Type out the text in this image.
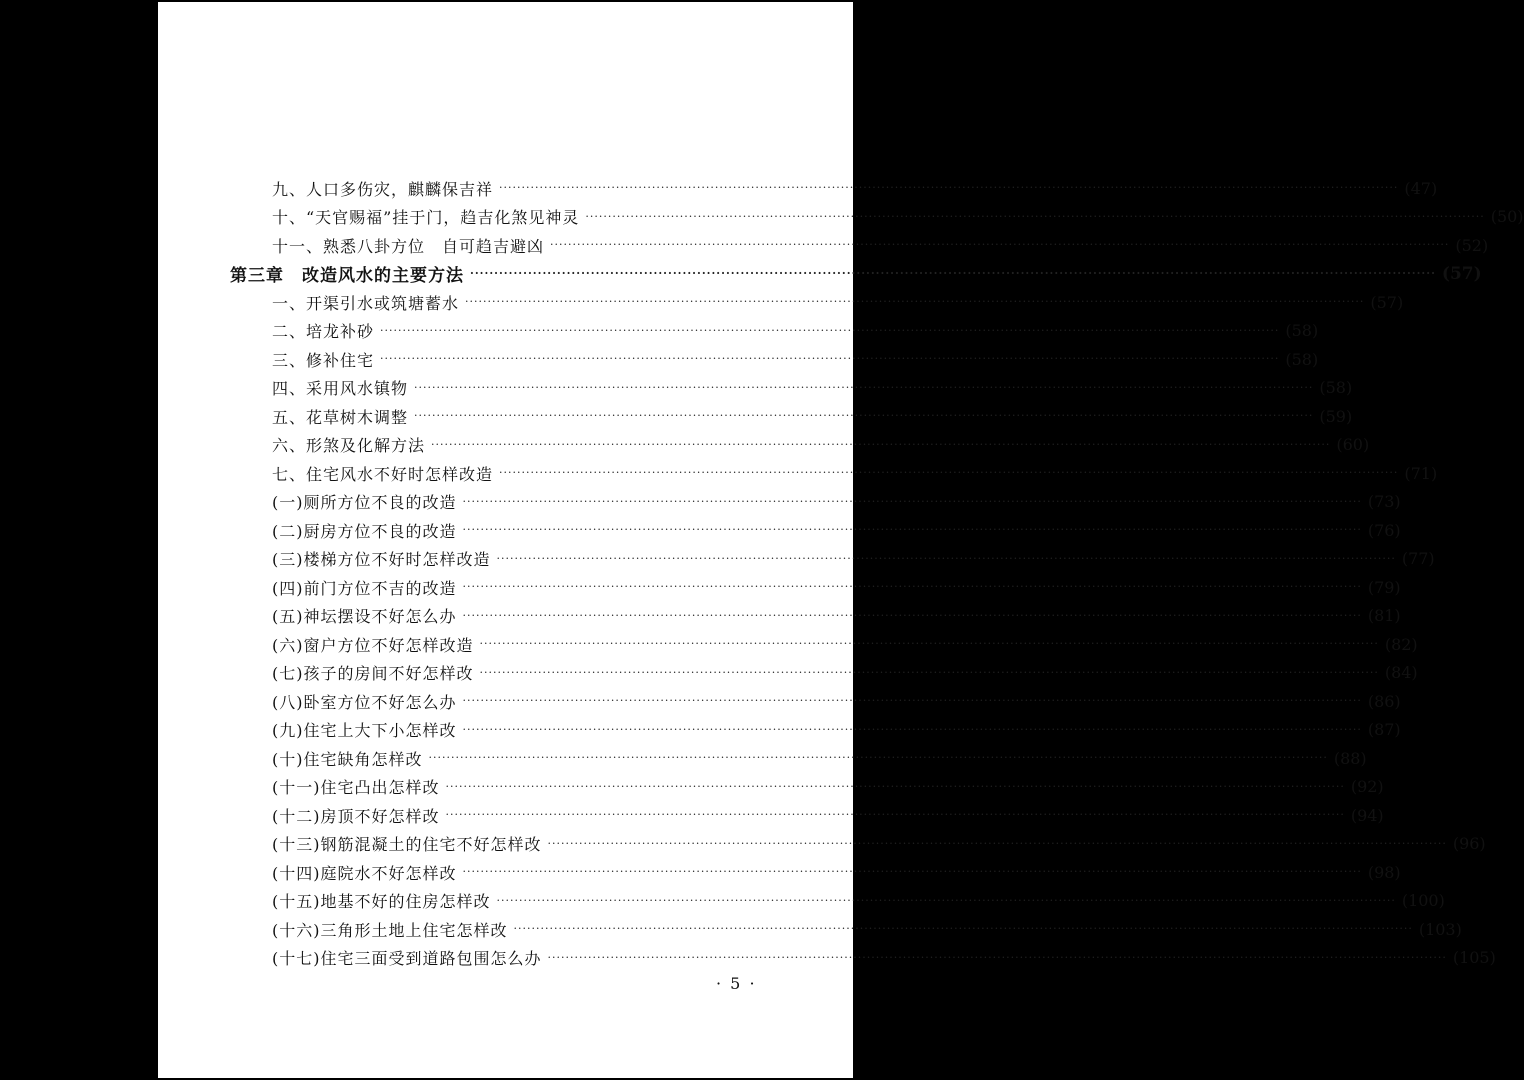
九、人口多伤灾，麒麟保吉祥 ········································································································································································································ (47)
十、“天官赐福”挂于门，趋吉化煞见神灵 ········································································································································································································ (50)
十一、熟悉八卦方位　自可趋吉避凶 ········································································································································································································ (52)
第三章　改造风水的主要方法 ········································································································································································································ (57)
一、开渠引水或筑塘蓄水 ········································································································································································································ (57)
二、培龙补砂 ········································································································································································································ (58)
三、修补住宅 ········································································································································································································ (58)
四、采用风水镇物 ········································································································································································································ (58)
五、花草树木调整 ········································································································································································································ (59)
六、形煞及化解方法 ········································································································································································································ (60)
七、住宅风水不好时怎样改造 ········································································································································································································ (71)
(一)厕所方位不良的改造 ········································································································································································································ (73)
(二)厨房方位不良的改造 ········································································································································································································ (76)
(三)楼梯方位不好时怎样改造 ········································································································································································································ (77)
(四)前门方位不吉的改造 ········································································································································································································ (79)
(五)神坛摆设不好怎么办 ········································································································································································································ (81)
(六)窗户方位不好怎样改造 ········································································································································································································ (82)
(七)孩子的房间不好怎样改 ········································································································································································································ (84)
(八)卧室方位不好怎么办 ········································································································································································································ (86)
(九)住宅上大下小怎样改 ········································································································································································································ (87)
(十)住宅缺角怎样改 ········································································································································································································ (88)
(十一)住宅凸出怎样改 ········································································································································································································ (92)
(十二)房顶不好怎样改 ········································································································································································································ (94)
(十三)钢筋混凝土的住宅不好怎样改 ········································································································································································································ (96)
(十四)庭院水不好怎样改 ········································································································································································································ (98)
(十五)地基不好的住房怎样改 ········································································································································································································ (100)
(十六)三角形土地上住宅怎样改 ········································································································································································································ (103)
(十七)住宅三面受到道路包围怎么办 ········································································································································································································ (105)
· 5 ·
